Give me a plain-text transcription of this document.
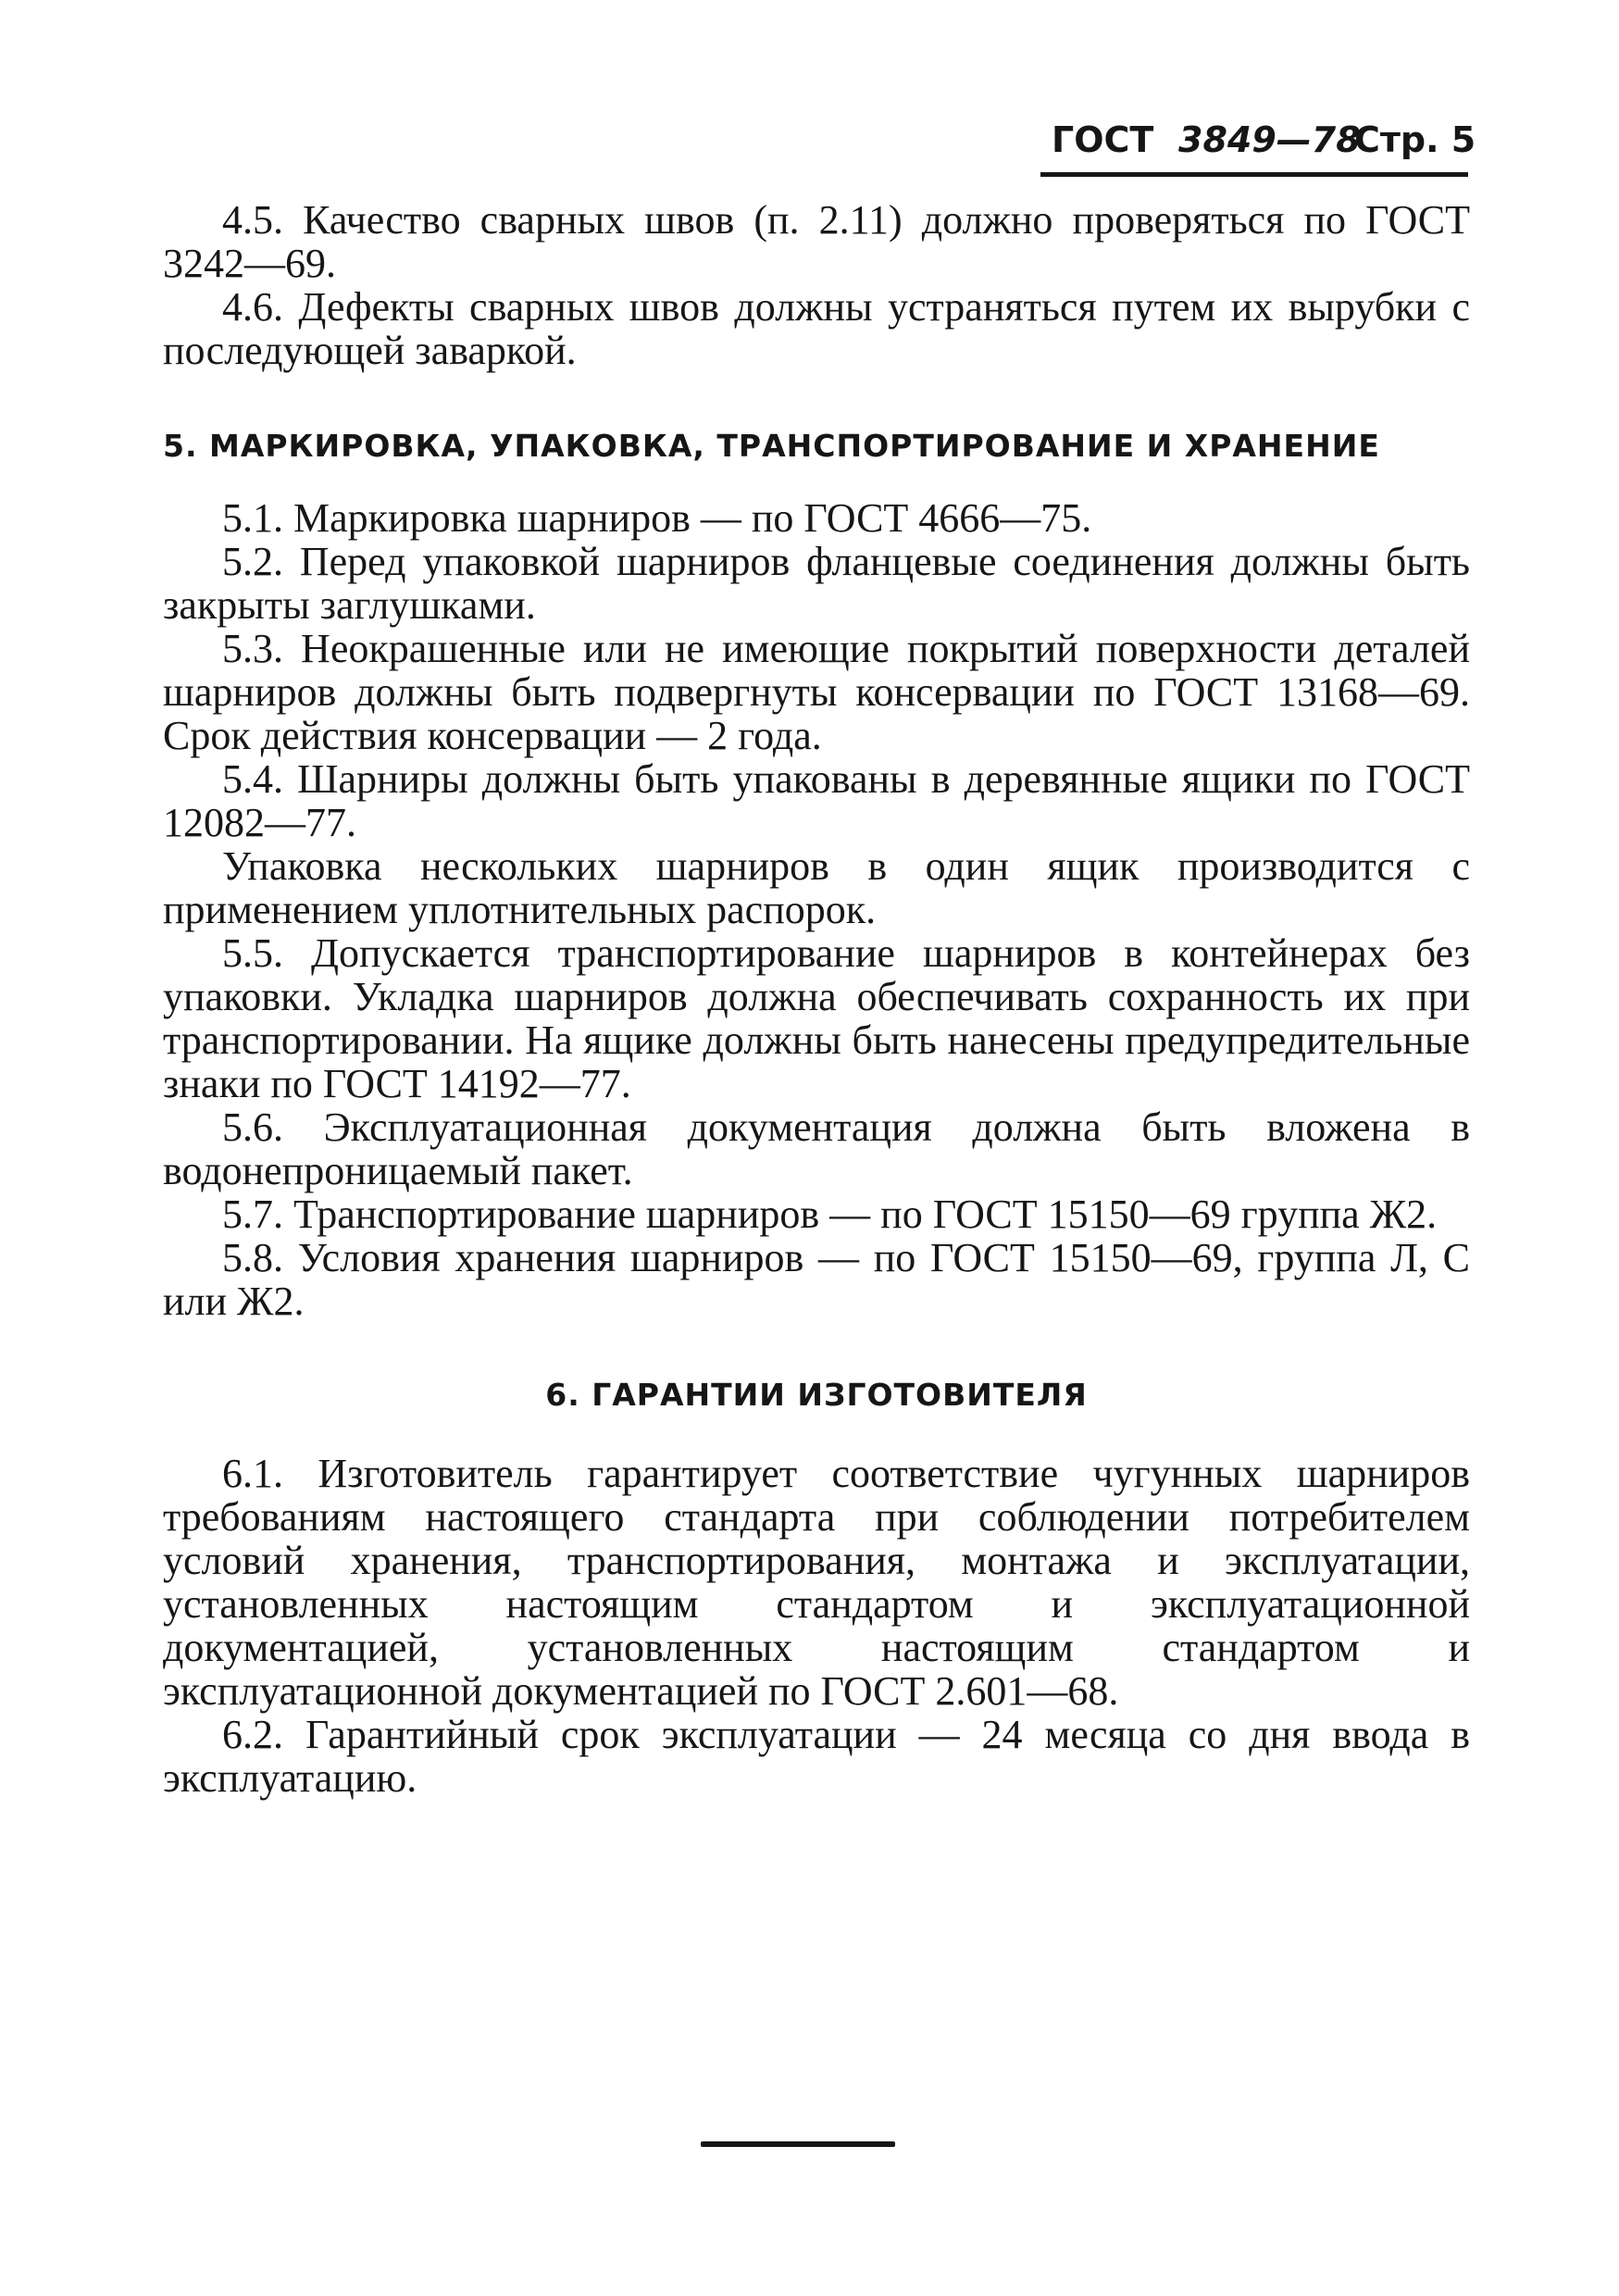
ГОСТ 3849—78
Стр. 5

4.5. Качество сварных швов (п. 2.11) должно проверяться по ГОСТ 3242—69.

4.6. Дефекты сварных швов должны устраняться путем их вырубки с последующей заваркой.

5. МАРКИРОВКА, УПАКОВКА, ТРАНСПОРТИРОВАНИЕ И ХРАНЕНИЕ

5.1. Маркировка шарниров — по ГОСТ 4666—75.

5.2. Перед упаковкой шарниров фланцевые соединения должны быть закрыты заглушками.

5.3. Неокрашенные или не имеющие покрытий поверхности деталей шарниров должны быть подвергнуты консервации по ГОСТ 13168—69. Срок действия консервации — 2 года.

5.4. Шарниры должны быть упакованы в деревянные ящики по ГОСТ 12082—77.

Упаковка нескольких шарниров в один ящик производится с применением уплотнительных распорок.

5.5. Допускается транспортирование шарниров в контейнерах без упаковки. Укладка шарниров должна обеспечивать сохранность их при транспортировании. На ящике должны быть нанесены предупредительные знаки по ГОСТ 14192—77.

5.6. Эксплуатационная документация должна быть вложена в водонепроницаемый пакет.

5.7. Транспортирование шарниров — по ГОСТ 15150—69 группа Ж2.

5.8. Условия хранения шарниров — по ГОСТ 15150—69, группа Л, С или Ж2.

6. ГАРАНТИИ ИЗГОТОВИТЕЛЯ

6.1. Изготовитель гарантирует соответствие чугунных шарниров требованиям настоящего стандарта при соблюдении потребителем условий хранения, транспортирования, монтажа и эксплуатации, установленных настоящим стандартом и эксплуатационной документацией, установленных настоящим стандартом и эксплуатационной документацией по ГОСТ 2.601—68.

6.2. Гарантийный срок эксплуатации — 24 месяца со дня ввода в эксплуатацию.
